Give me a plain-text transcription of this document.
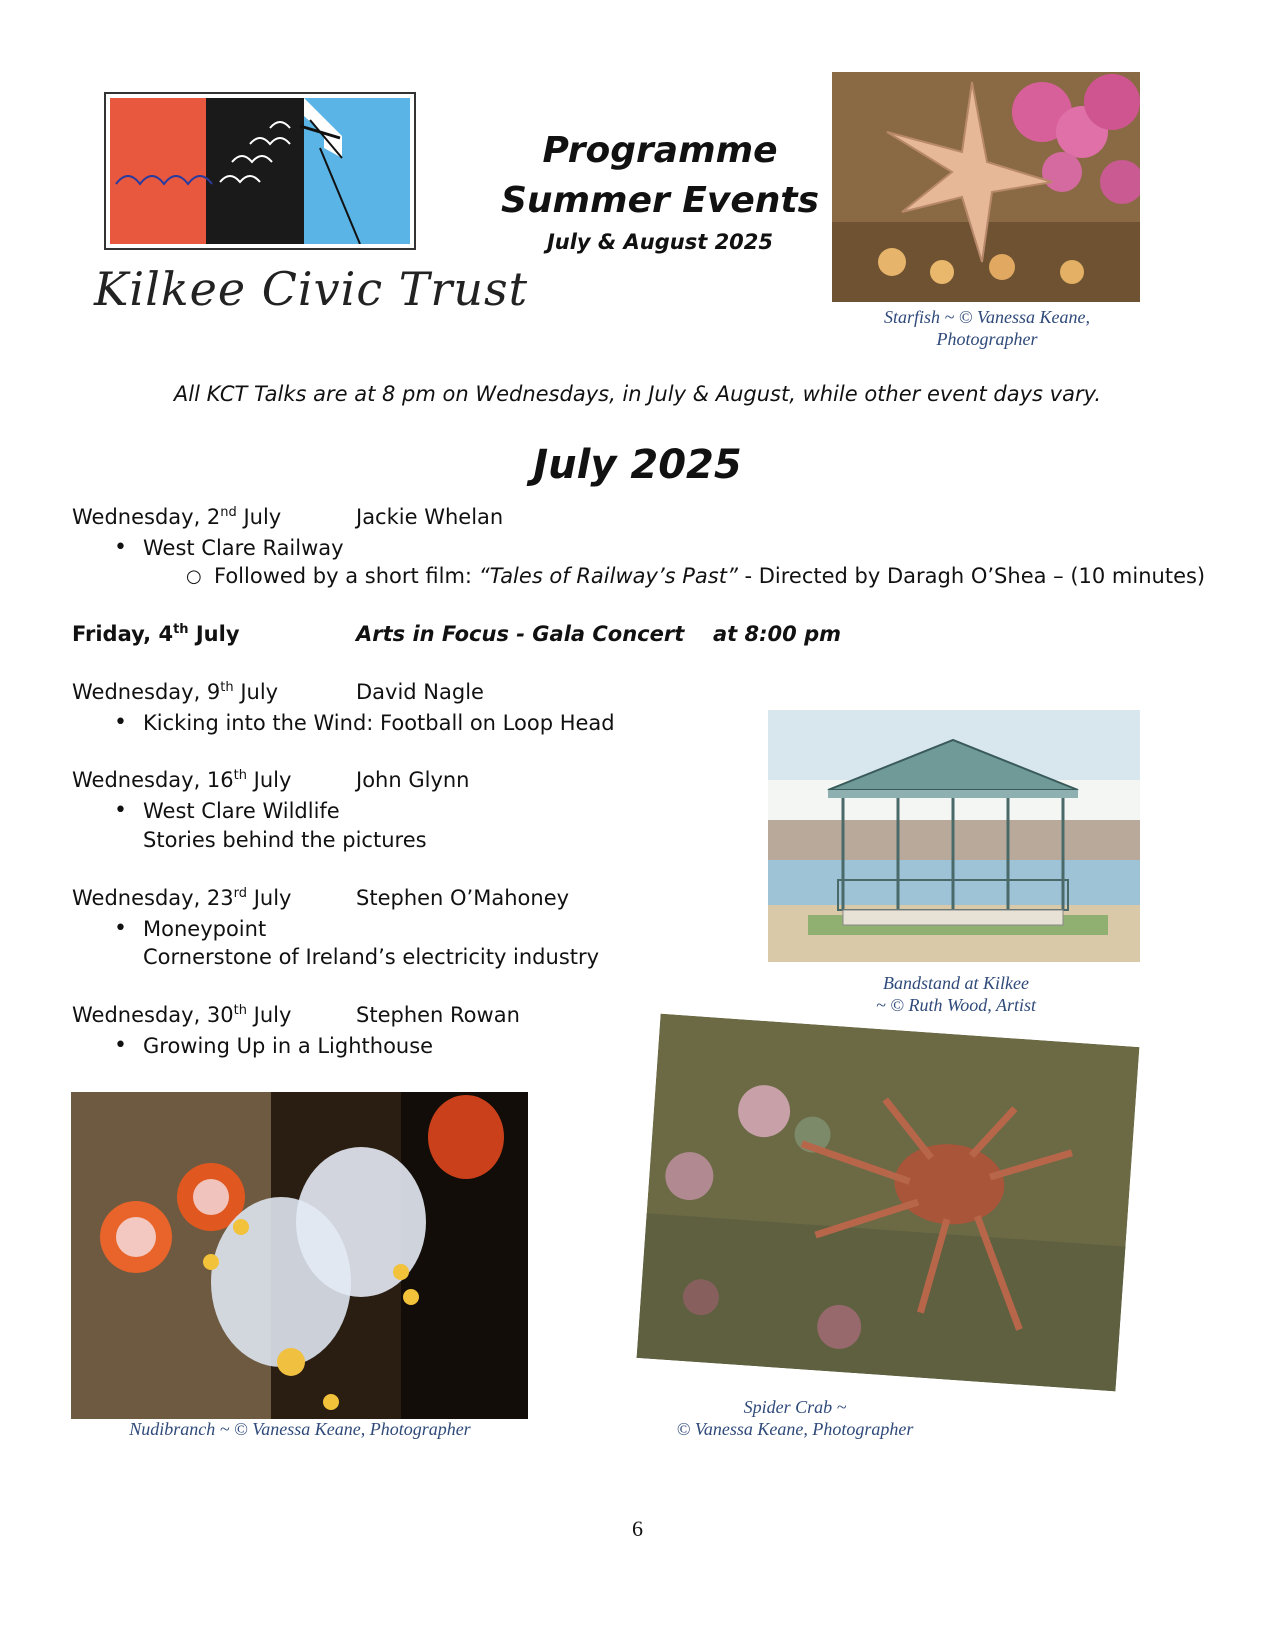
Kilkee Civic Trust
Programme
Summer Events
July & August 2025
Starfish ~ © Vanessa Keane,
Photographer
All KCT Talks are at 8 pm on Wednesdays, in July & August, while other event days vary.
July 2025
Wednesday, 2nd July	Jackie Whelan
• West Clare Railway
○ Followed by a short film: “Tales of Railway’s Past” - Directed by Daragh O’Shea – (10 minutes)
Friday, 4th July	Arts in Focus - Gala Concert at 8:00 pm
Wednesday, 9th July	David Nagle
• Kicking into the Wind: Football on Loop Head
Wednesday, 16th July	John Glynn
• West Clare Wildlife
Stories behind the pictures
Wednesday, 23rd July	Stephen O’Mahoney
• Moneypoint
Cornerstone of Ireland’s electricity industry
Wednesday, 30th July	Stephen Rowan
• Growing Up in a Lighthouse
Bandstand at Kilkee
~ © Ruth Wood, Artist
Spider Crab ~
© Vanessa Keane, Photographer
Nudibranch ~ © Vanessa Keane, Photographer
6
